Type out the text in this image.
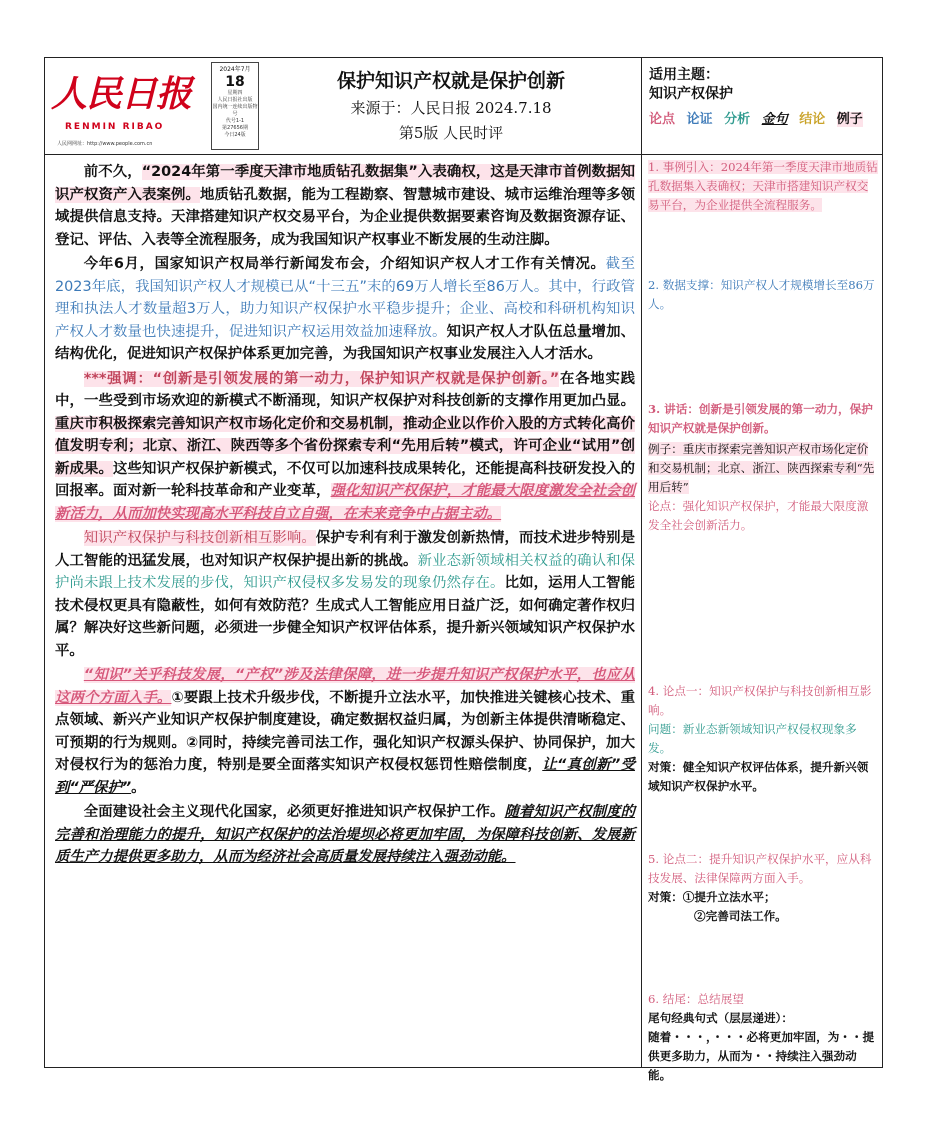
人民日报
RENMIN RIBAO
人民网网址：http://www.people.com.cn
2024年7月
18
星期四
人民日报社出版
国内统一连续出版物号
代号1-1
第27656期
今日24版
保护知识产权就是保护创新
来源于：人民日报 2024.7.18
第5版 人民时评
适用主题：
知识产权保护
论点 论证 分析 金句 结论 例子

前不久，“2024年第一季度天津市地质钻孔数据集”入表确权，这是天津市首例数据知识产权资产入表案例。地质钻孔数据，能为工程勘察、智慧城市建设、城市运维治理等多领域提供信息支持。天津搭建知识产权交易平台，为企业提供数据要素咨询及数据资源存证、登记、评估、入表等全流程服务，成为我国知识产权事业不断发展的生动注脚。

今年6月，国家知识产权局举行新闻发布会，介绍知识产权人才工作有关情况。截至2023年底，我国知识产权人才规模已从“十三五”末的69万人增长至86万人。其中，行政管理和执法人才数量超3万人，助力知识产权保护水平稳步提升；企业、高校和科研机构知识产权人才数量也快速提升，促进知识产权运用效益加速释放。知识产权人才队伍总量增加、结构优化，促进知识产权保护体系更加完善，为我国知识产权事业发展注入人才活水。

***强调：“创新是引领发展的第一动力，保护知识产权就是保护创新。”在各地实践中，一些受到市场欢迎的新模式不断涌现，知识产权保护对科技创新的支撑作用更加凸显。重庆市积极探索完善知识产权市场化定价和交易机制，推动企业以作价入股的方式转化高价值发明专利；北京、浙江、陕西等多个省份探索专利“先用后转”模式，许可企业“试用”创新成果。这些知识产权保护新模式，不仅可以加速科技成果转化，还能提高科技研发投入的回报率。面对新一轮科技革命和产业变革，强化知识产权保护，才能最大限度激发全社会创新活力，从而加快实现高水平科技自立自强，在未来竞争中占据主动。

知识产权保护与科技创新相互影响。保护专利有利于激发创新热情，而技术进步特别是人工智能的迅猛发展，也对知识产权保护提出新的挑战。新业态新领域相关权益的确认和保护尚未跟上技术发展的步伐，知识产权侵权多发易发的现象仍然存在。比如，运用人工智能技术侵权更具有隐蔽性，如何有效防范？生成式人工智能应用日益广泛，如何确定著作权归属？解决好这些新问题，必须进一步健全知识产权评估体系，提升新兴领域知识产权保护水平。

“知识”关乎科技发展，“产权”涉及法律保障，进一步提升知识产权保护水平，也应从这两个方面入手。①要跟上技术升级步伐，不断提升立法水平，加快推进关键核心技术、重点领域、新兴产业知识产权保护制度建设，确定数据权益归属，为创新主体提供清晰稳定、可预期的行为规则。②同时，持续完善司法工作，强化知识产权源头保护、协同保护，加大对侵权行为的惩治力度，特别是要全面落实知识产权侵权惩罚性赔偿制度，让“真创新”受到“严保护”。

全面建设社会主义现代化国家，必须更好推进知识产权保护工作。随着知识产权制度的完善和治理能力的提升，知识产权保护的法治堤坝必将更加牢固，为保障科技创新、发展新质生产力提供更多助力，从而为经济社会高质量发展持续注入强劲动能。

1. 事例引入：2024年第一季度天津市地质钻孔数据集入表确权；天津市搭建知识产权交易平台，为企业提供全流程服务。
2. 数据支撑：知识产权人才规模增长至86万人。
3. 讲话：创新是引领发展的第一动力，保护知识产权就是保护创新。
例子：重庆市探索完善知识产权市场化定价和交易机制；北京、浙江、陕西探索专利“先用后转”
论点：强化知识产权保护，才能最大限度激发全社会创新活力。
4. 论点一：知识产权保护与科技创新相互影响。
问题：新业态新领域知识产权侵权现象多发。
对策：健全知识产权评估体系，提升新兴领域知识产权保护水平。
5. 论点二：提升知识产权保护水平，应从科技发展、法律保障两方面入手。
对策：①提升立法水平；
②完善司法工作。
6. 结尾：总结展望
尾句经典句式（层层递进）：
随着・・・，・・・必将更加牢固，为・・提供更多助力，从而为・・持续注入强劲动能。
